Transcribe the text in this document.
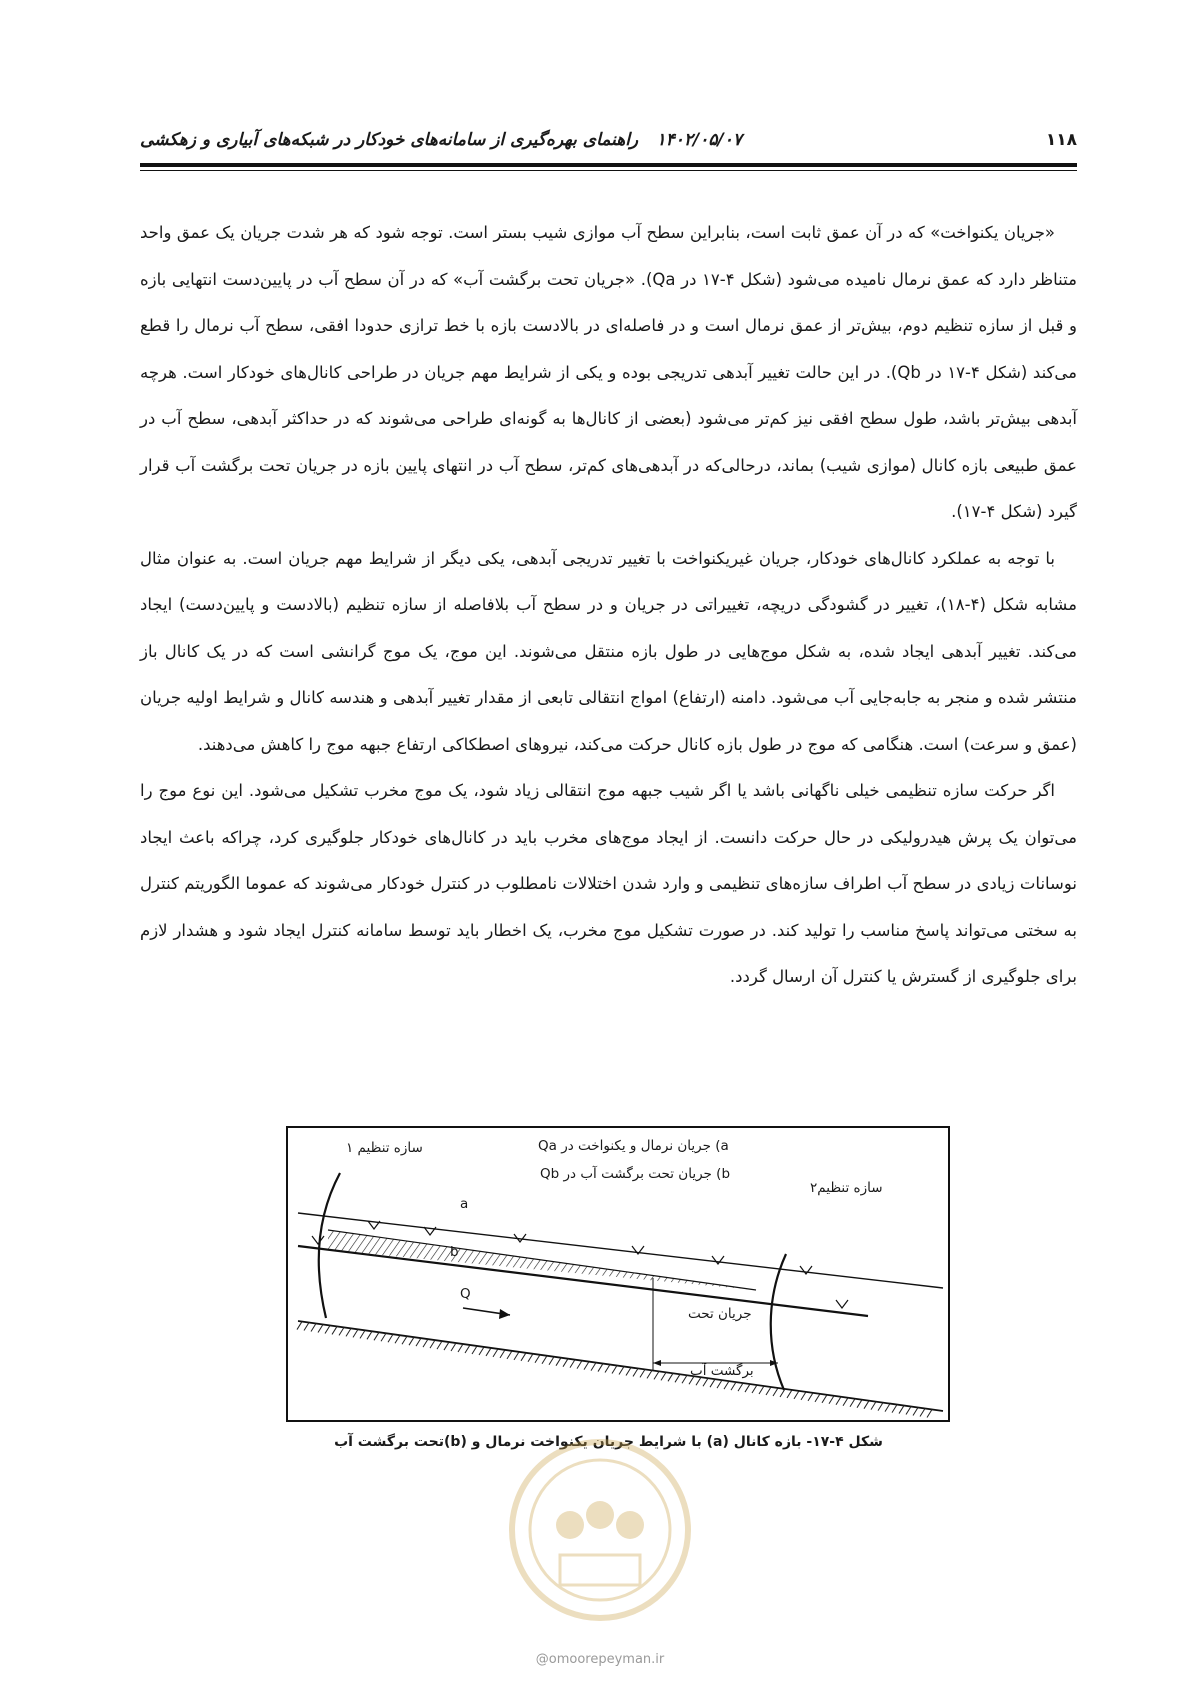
۱۱۸
۱۴۰۲/۰۵/۰۷
راهنمای بهره‌گیری از سامانه‌های خودکار در شبکه‌های آبیاری و زهکشی

«جریان یکنواخت» که در آن عمق ثابت است، بنابراین سطح آب موازی شیب بستر است. توجه شود که هر شدت جریان یک عمق واحد متناظر دارد که عمق نرمال نامیده می‌شود (شکل ۴-۱۷ در Qa). «جریان تحت برگشت آب» که در آن سطح آب در پایین‌دست انتهایی بازه و قبل از سازه تنظیم دوم، بیش‌تر از عمق نرمال است و در فاصله‌ای در بالادست بازه با خط ترازی حدودا افقی، سطح آب نرمال را قطع می‌کند (شکل ۴-۱۷ در Qb). در این حالت تغییر آبدهی تدریجی بوده و یکی از شرایط مهم جریان در طراحی کانال‌های خودکار است. هرچه آبدهی بیش‌تر باشد، طول سطح افقی نیز کم‌تر می‌شود (بعضی از کانال‌ها به گونه‌ای طراحی می‌شوند که در حداکثر آبدهی، سطح آب در عمق طبیعی بازه کانال (موازی شیب) بماند، درحالی‌که در آبدهی‌های کم‌تر، سطح آب در انتهای پایین بازه در جریان تحت برگشت آب قرار گیرد (شکل ۴-۱۷).

با توجه به عملکرد کانال‌های خودکار، جریان غیریکنواخت با تغییر تدریجی آبدهی، یکی دیگر از شرایط مهم جریان است. به عنوان مثال مشابه شکل (۴-۱۸)، تغییر در گشودگی دریچه، تغییراتی در جریان و در سطح آب بلافاصله از سازه تنظیم (بالادست و پایین‌دست) ایجاد می‌کند. تغییر آبدهی ایجاد شده، به شکل موج‌هایی در طول بازه منتقل می‌شوند. این موج، یک موج گرانشی است که در یک کانال باز منتشر شده و منجر به جابه‌جایی آب می‌شود. دامنه (ارتفاع) امواج انتقالی تابعی از مقدار تغییر آبدهی و هندسه کانال و شرایط اولیه جریان (عمق و سرعت) است. هنگامی که موج در طول بازه کانال حرکت می‌کند، نیروهای اصطکاکی ارتفاع جبهه موج را کاهش می‌دهند.

اگر حرکت سازه تنظیمی خیلی ناگهانی باشد یا اگر شیب جبهه موج انتقالی زیاد شود، یک موج مخرب تشکیل می‌شود. این نوع موج را می‌توان یک پرش هیدرولیکی در حال حرکت دانست. از ایجاد موج‌های مخرب باید در کانال‌های خودکار جلوگیری کرد، چراکه باعث ایجاد نوسانات زیادی در سطح آب اطراف سازه‌های تنظیمی و وارد شدن اختلالات نامطلوب در کنترل خودکار می‌شوند که عموما الگوریتم کنترل به سختی می‌تواند پاسخ مناسب را تولید کند. در صورت تشکیل موج مخرب، یک اخطار باید توسط سامانه کنترل ایجاد شود و هشدار لازم برای جلوگیری از گسترش یا کنترل آن ارسال گردد.

سازه تنظیم ۱
سازه تنظیم۲
a) جریان نرمال و یکنواخت در Qa
b) جریان تحت برگشت آب در Qb
a
b
Q
جریان تحت
برگشت آب
شکل ۴-۱۷- بازه کانال (a) با شرایط جریان یکنواخت نرمال و (b)تحت برگشت آب
@omoorepeyman.ir
